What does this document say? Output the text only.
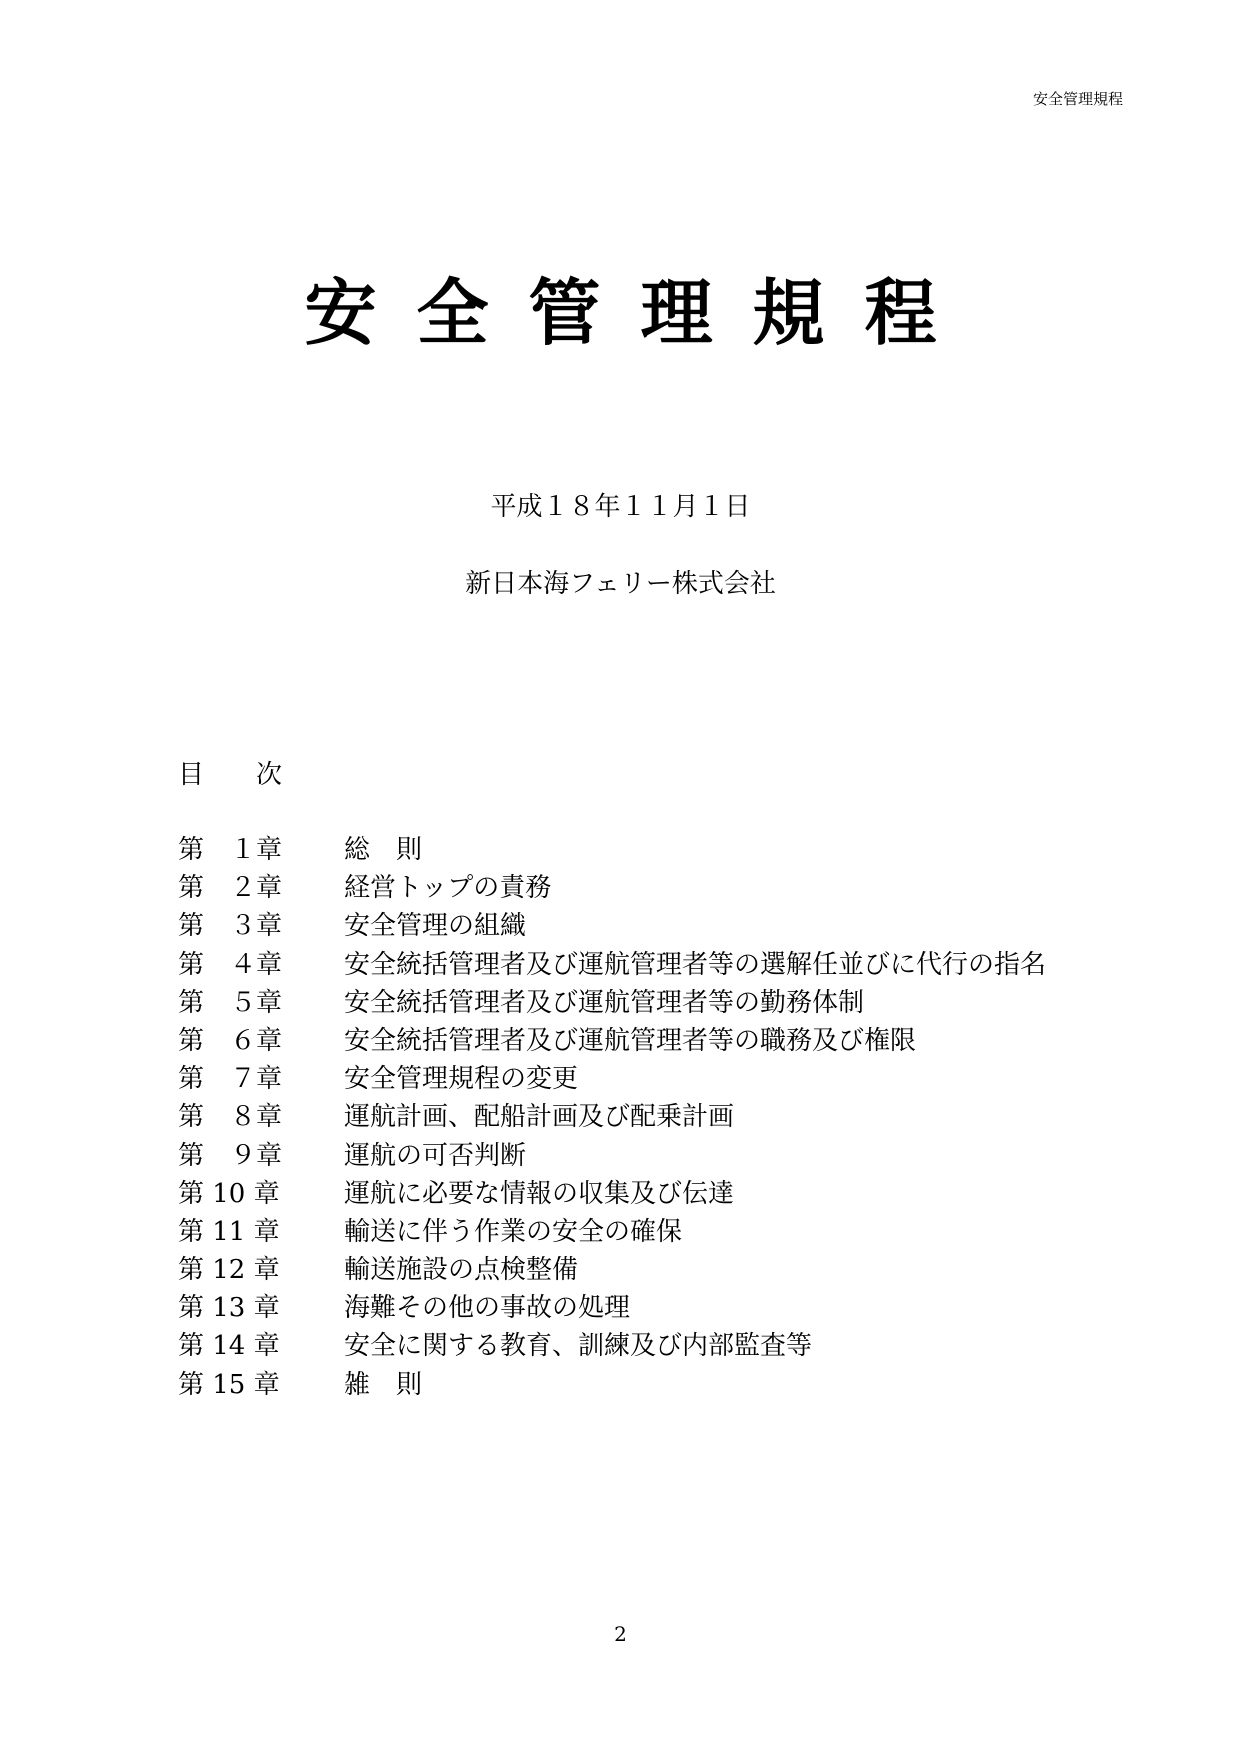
安全管理規程
安全管理規程
平成１８年１１月１日
新日本海フェリー株式会社
目　　次
第　１章	総　則
第　２章	経営トップの責務
第　３章	安全管理の組織
第　４章	安全統括管理者及び運航管理者等の選解任並びに代行の指名
第　５章	安全統括管理者及び運航管理者等の勤務体制
第　６章	安全統括管理者及び運航管理者等の職務及び権限
第　７章	安全管理規程の変更
第　８章	運航計画、配船計画及び配乗計画
第　９章	運航の可否判断
第 10 章	運航に必要な情報の収集及び伝達
第 11 章	輸送に伴う作業の安全の確保
第 12 章	輸送施設の点検整備
第 13 章	海難その他の事故の処理
第 14 章	安全に関する教育、訓練及び内部監査等
第 15 章	雑　則
2
